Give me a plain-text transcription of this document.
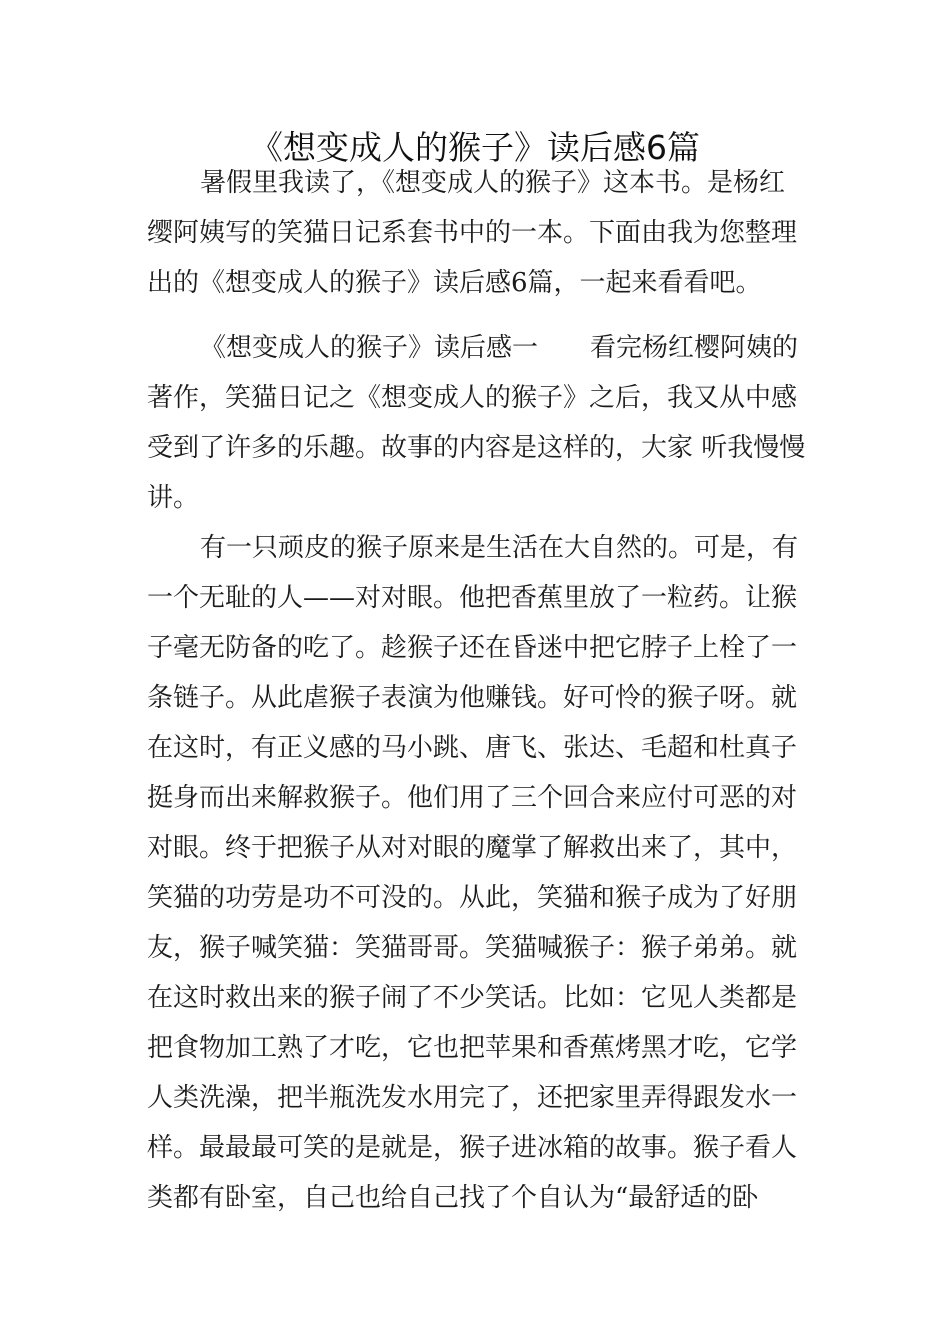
《想变成人的猴子》读后感6篇
暑假里我读了，《想变成人的猴子》这本书。是杨红
缨阿姨写的笑猫日记系套书中的一本。下面由我为您整理
出的《想变成人的猴子》读后感6篇，一起来看看吧。
《想变成人的猴子》读后感一　　看完杨红樱阿姨的
著作，笑猫日记之《想变成人的猴子》之后，我又从中感
受到了许多的乐趣。故事的内容是这样的，大家 听我慢慢
讲。
有一只顽皮的猴子原来是生活在大自然的。可是，有
一个无耻的人——对对眼。他把香蕉里放了一粒药。让猴
子毫无防备的吃了。趁猴子还在昏迷中把它脖子上栓了一
条链子。从此虐猴子表演为他赚钱。好可怜的猴子呀。就
在这时，有正义感的马小跳、唐飞、张达、毛超和杜真子
挺身而出来解救猴子。他们用了三个回合来应付可恶的对
对眼。终于把猴子从对对眼的魔掌了解救出来了，其中，
笑猫的功劳是功不可没的。从此，笑猫和猴子成为了好朋
友，猴子喊笑猫：笑猫哥哥。笑猫喊猴子：猴子弟弟。就
在这时救出来的猴子闹了不少笑话。比如：它见人类都是
把食物加工熟了才吃，它也把苹果和香蕉烤黑才吃，它学
人类洗澡，把半瓶洗发水用完了，还把家里弄得跟发水一
样。最最最可笑的是就是，猴子进冰箱的故事。猴子看人
类都有卧室，自己也给自己找了个自认为“最舒适的卧
